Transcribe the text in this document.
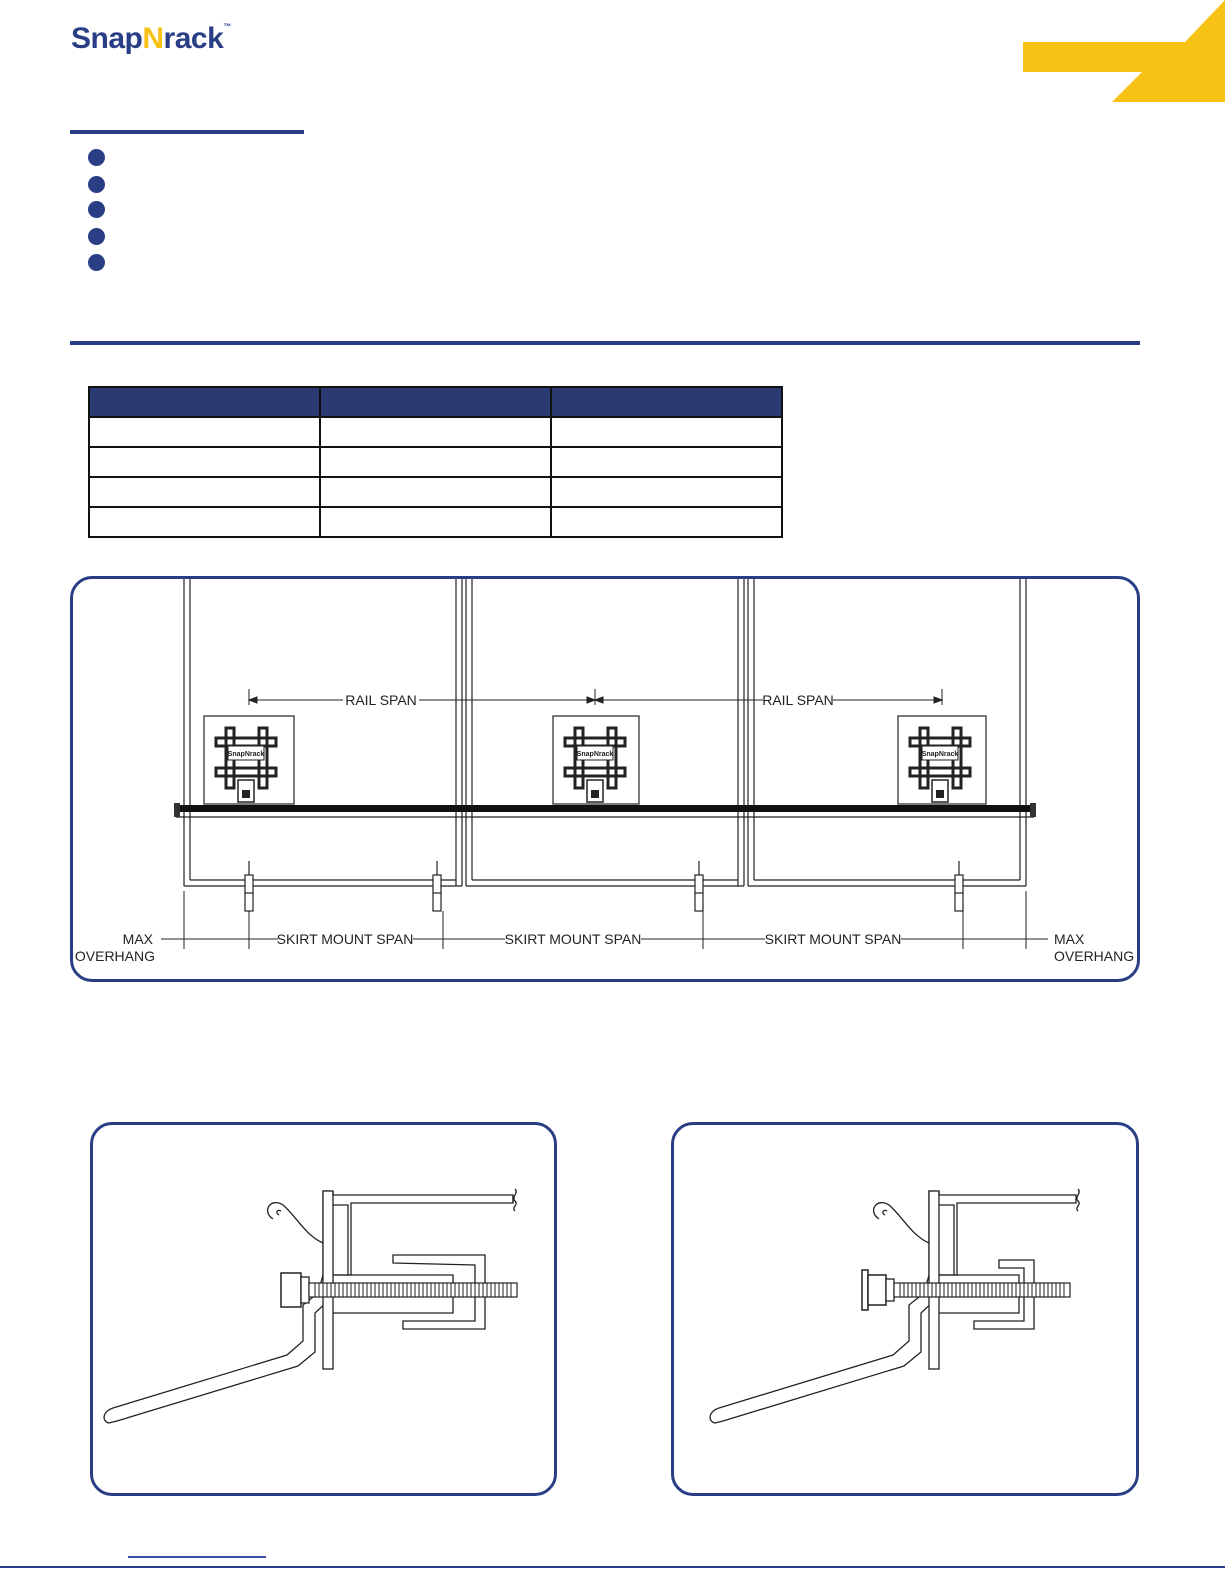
SnapNrack™

SnapNrack	SnapNrack	SnapNrack
RAIL SPAN	RAIL SPAN
MAX
OVERHANG
SKIRT MOUNT SPAN	SKIRT MOUNT SPAN	SKIRT MOUNT SPAN	MAX
OVERHANG
